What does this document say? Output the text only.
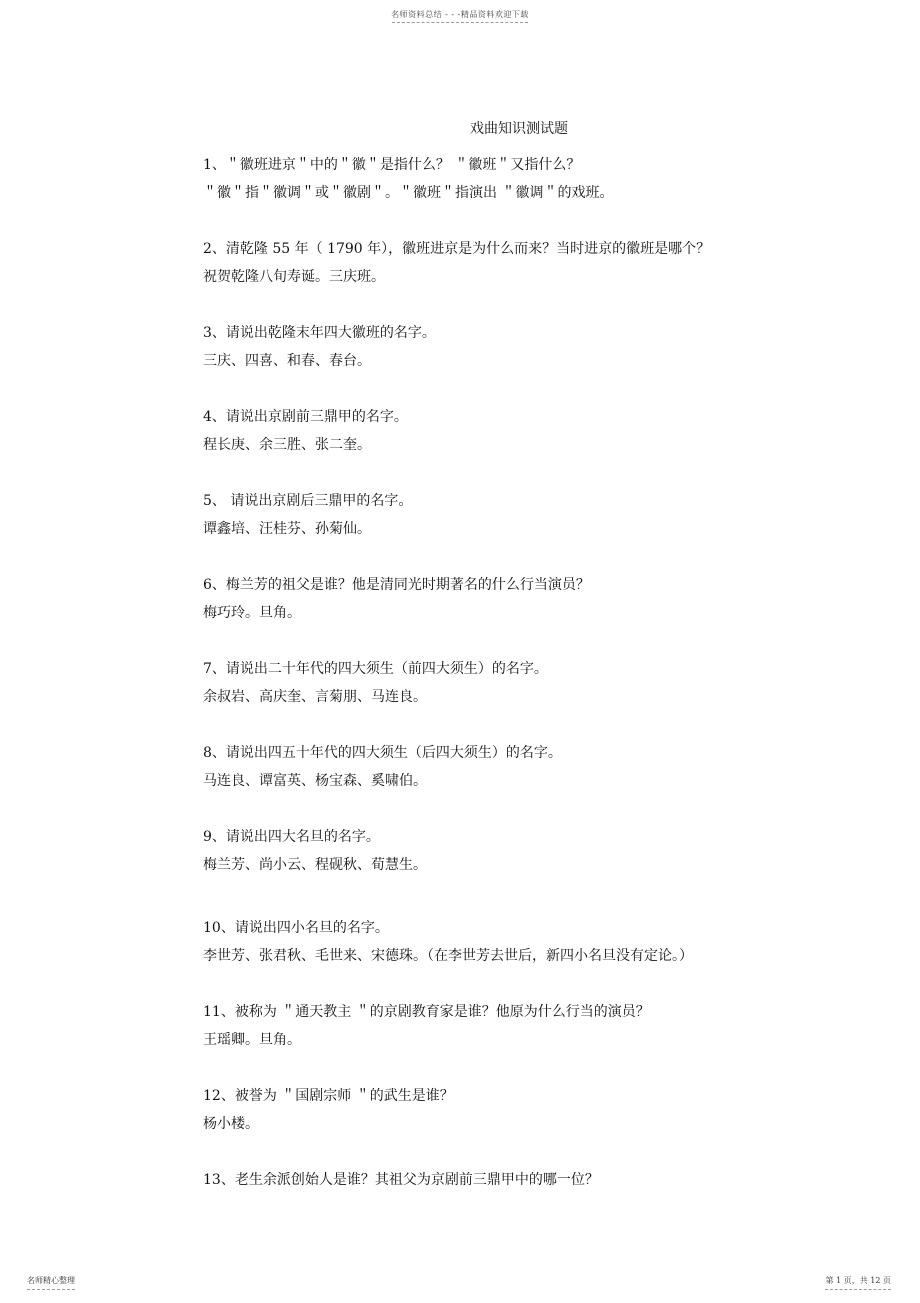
名师资料总结 - - -精品资料欢迎下载
戏曲知识测试题
1、＂徽班进京＂中的＂徽＂是指什么？ ＂徽班＂又指什么？
＂徽＂指＂徽调＂或＂徽剧＂。＂徽班＂指演出 ＂徽调＂的戏班。
2、清乾隆 55 年（ 1790 年），徽班进京是为什么而来？当时进京的徽班是哪个？
祝贺乾隆八旬寿诞。三庆班。
3、请说出乾隆末年四大徽班的名字。
三庆、四喜、和春、春台。
4、请说出京剧前三鼎甲的名字。
程长庚、余三胜、张二奎。
5、 请说出京剧后三鼎甲的名字。
谭鑫培、汪桂芬、孙菊仙。
6、梅兰芳的祖父是谁？他是清同光时期著名的什么行当演员？
梅巧玲。旦角。
7、请说出二十年代的四大须生（前四大须生）的名字。
余叔岩、高庆奎、言菊朋、马连良。
8、请说出四五十年代的四大须生（后四大须生）的名字。
马连良、谭富英、杨宝森、奚啸伯。
9、请说出四大名旦的名字。
梅兰芳、尚小云、程砚秋、荀慧生。
10、请说出四小名旦的名字。
李世芳、张君秋、毛世来、宋德珠。（在李世芳去世后，新四小名旦没有定论。）
11、被称为 ＂通天教主 ＂的京剧教育家是谁？他原为什么行当的演员？
王瑶卿。旦角。
12、被誉为 ＂国剧宗师 ＂的武生是谁？
杨小楼。
13、老生余派创始人是谁？其祖父为京剧前三鼎甲中的哪一位？
名师精心整理	第 1 页，共 12 页
